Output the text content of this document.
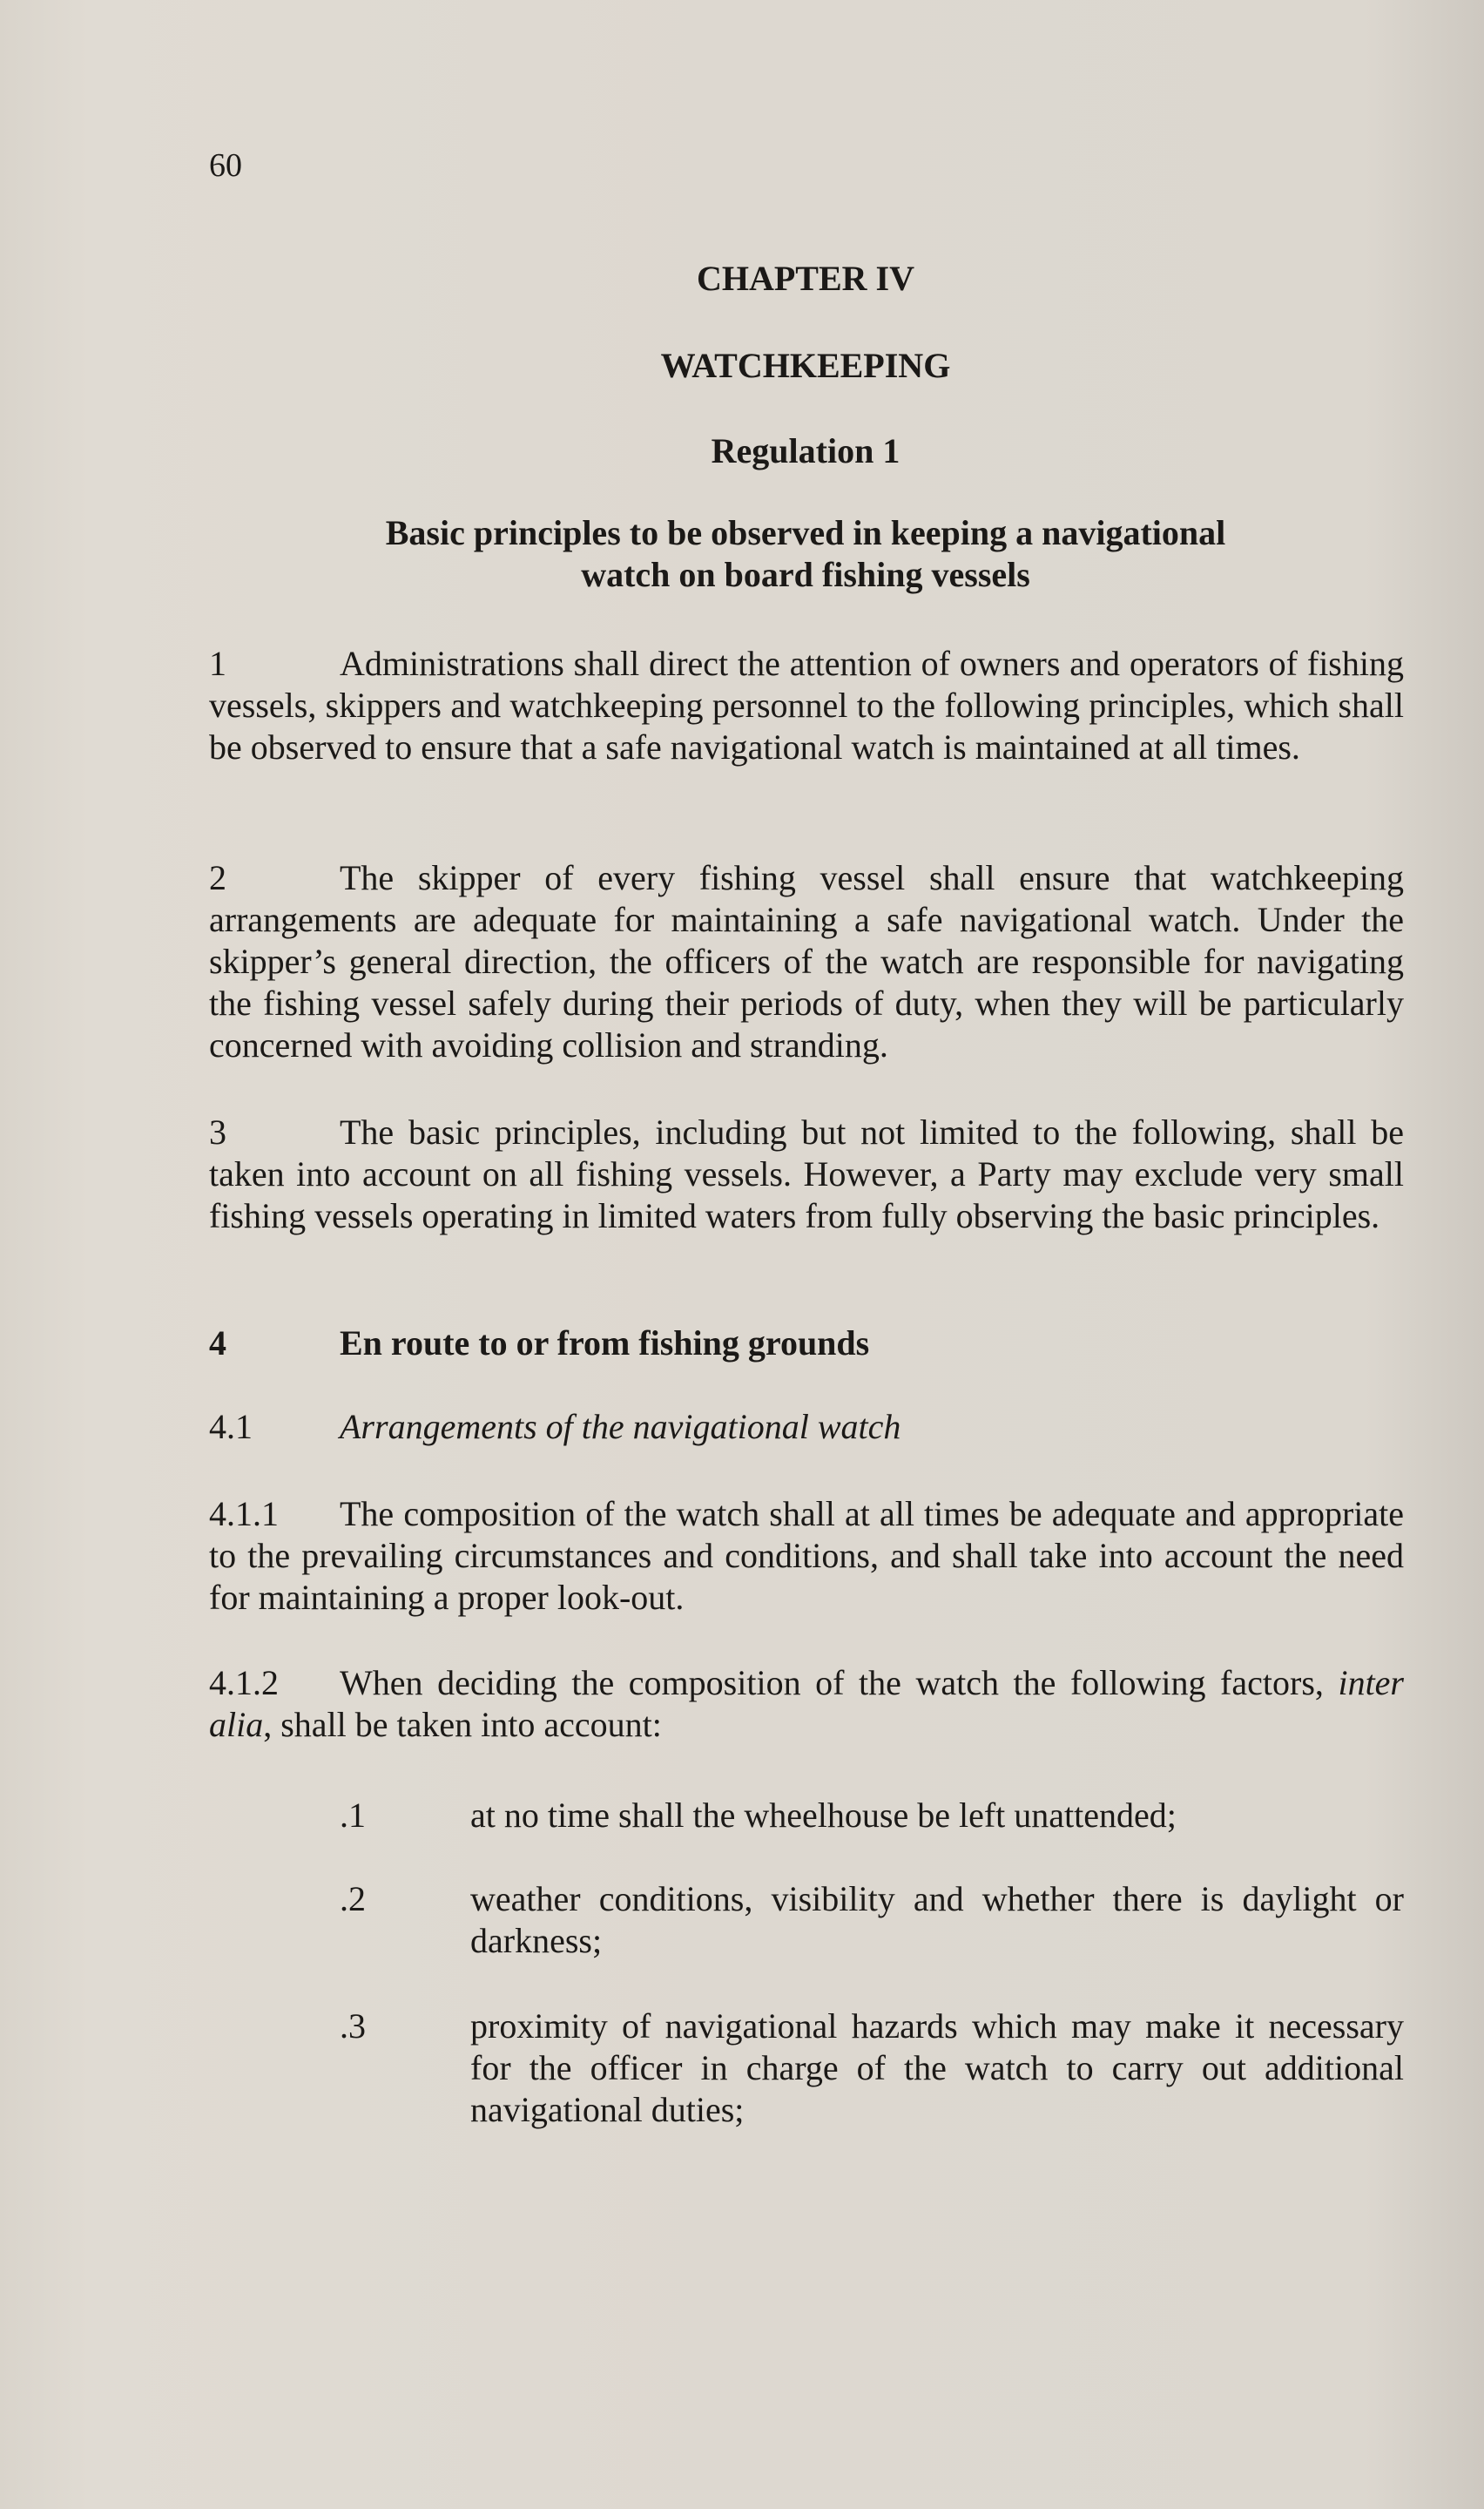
60
CHAPTER IV
WATCHKEEPING
Regulation 1
Basic principles to be observed in keeping a navigational
watch on board fishing vessels

1	Administrations shall direct the attention of owners and operators of fishing vessels, skippers and watchkeeping personnel to the following principles, which shall be observed to ensure that a safe navigational watch is maintained at all times.

2	The skipper of every fishing vessel shall ensure that watchkeeping arrangements are adequate for maintaining a safe navigational watch. Under the skipper’s general direction, the officers of the watch are responsible for navigating the fishing vessel safely during their periods of duty, when they will be particularly concerned with avoiding collision and stranding.

3	The basic principles, including but not limited to the following, shall be taken into account on all fishing vessels. However, a Party may exclude very small fishing vessels operating in limited waters from fully observing the basic principles.

4	En route to or from fishing grounds

4.1	Arrangements of the navigational watch

4.1.1 The composition of the watch shall at all times be adequate and appropriate to the prevailing circumstances and conditions, and shall take into account the need for maintaining a proper look-out.

4.1.2 When deciding the composition of the watch the following factors, inter alia, shall be taken into account:

.1	at no time shall the wheelhouse be left unattended;
.2	weather conditions, visibility and whether there is daylight or darkness;
.3	proximity of navigational hazards which may make it necessary for the officer in charge of the watch to carry out additional navigational duties;
